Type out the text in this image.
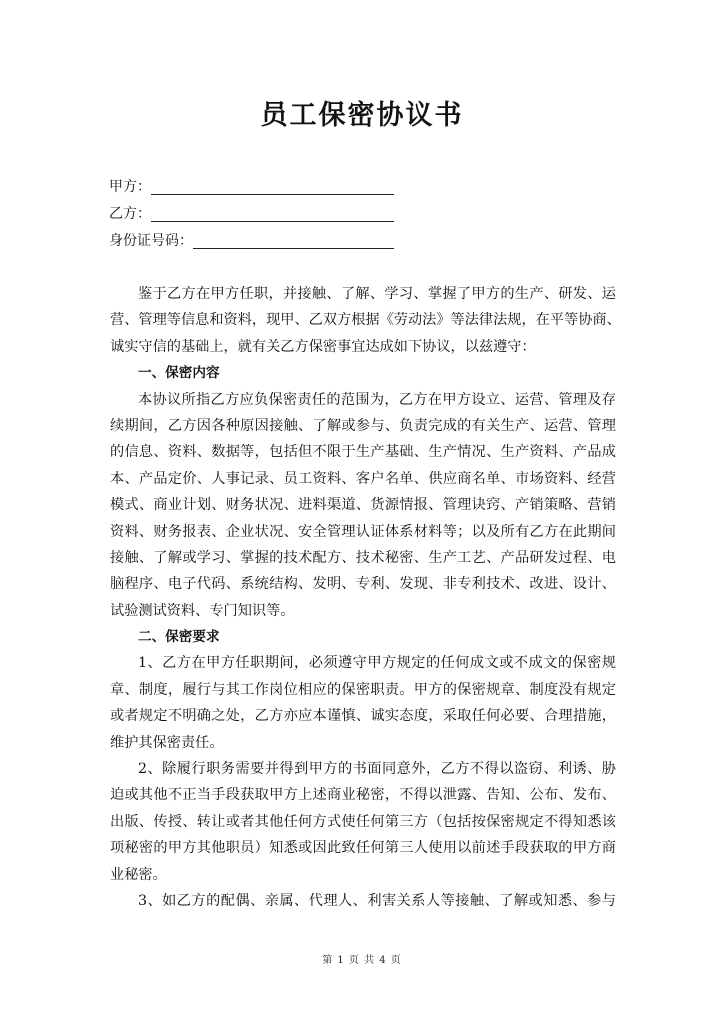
员工保密协议书
甲方：
乙方：
身份证号码：
鉴于乙方在甲方任职，并接触、了解、学习、掌握了甲方的生产、研发、运
营、管理等信息和资料，现甲、乙双方根据《劳动法》等法律法规，在平等协商、
诚实守信的基础上，就有关乙方保密事宜达成如下协议，以兹遵守：
一、保密内容
本协议所指乙方应负保密责任的范围为，乙方在甲方设立、运营、管理及存
续期间，乙方因各种原因接触、了解或参与、负责完成的有关生产、运营、管理
的信息、资料、数据等，包括但不限于生产基础、生产情况、生产资料、产品成
本、产品定价、人事记录、员工资料、客户名单、供应商名单、市场资料、经营
模式、商业计划、财务状况、进料渠道、货源情报、管理诀窍、产销策略、营销
资料、财务报表、企业状况、安全管理认证体系材料等；以及所有乙方在此期间
接触、了解或学习、掌握的技术配方、技术秘密、生产工艺、产品研发过程、电
脑程序、电子代码、系统结构、发明、专利、发现、非专利技术、改进、设计、
试验测试资料、专门知识等。
二、保密要求
1、乙方在甲方任职期间，必须遵守甲方规定的任何成文或不成文的保密规
章、制度，履行与其工作岗位相应的保密职责。甲方的保密规章、制度没有规定
或者规定不明确之处，乙方亦应本谨慎、诚实态度，采取任何必要、合理措施，
维护其保密责任。
2、除履行职务需要并得到甲方的书面同意外，乙方不得以盗窃、利诱、胁
迫或其他不正当手段获取甲方上述商业秘密，不得以泄露、告知、公布、发布、
出版、传授、转让或者其他任何方式使任何第三方（包括按保密规定不得知悉该
项秘密的甲方其他职员）知悉或因此致任何第三人使用以前述手段获取的甲方商
业秘密。
3、如乙方的配偶、亲属、代理人、利害关系人等接触、了解或知悉、参与
第 1 页 共 4 页
